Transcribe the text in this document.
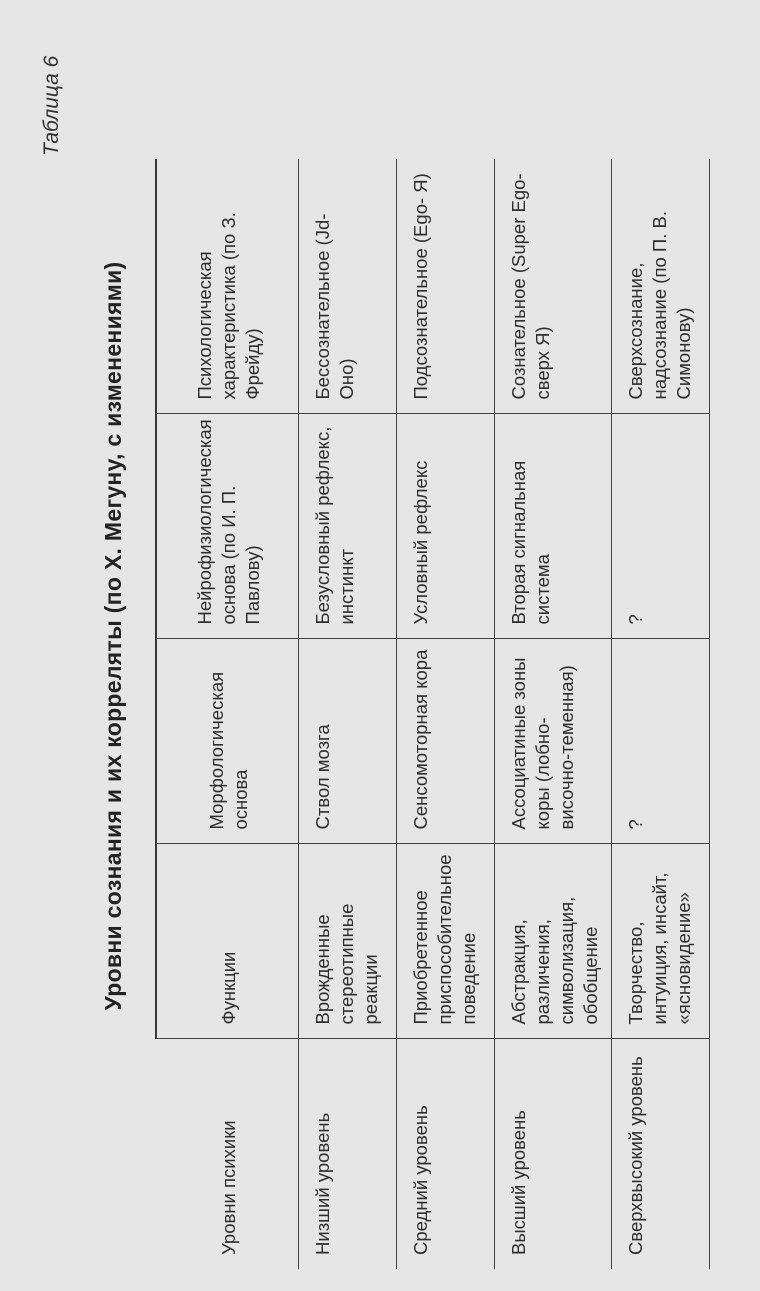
Таблица 6
Уровни сознания и их корреляты (по Х. Мегуну, с изменениями)
Уровни психики	Функции	Морфологическая основа	Нейрофизиологическая основа (по И. П. Павлову)	Психологическая характеристика (по З. Фрейду)
Низший уровень	Врожденные стереотипные реакции	Ствол мозга	Безусловный рефлекс, инстинкт	Бессознательное (Jd- Оно)
Средний уровень	Приобретенное приспособительное поведение	Сенсомоторная кора	Условный рефлекс	Подсознательное (Ego- Я)
Высший уровень	Абстракция, различения, символизация, обобщение	Ассоциатиные зоны коры (лобно-височно-теменная)	Вторая сигнальная система	Сознательное (Super Ego- сверх Я)
Сверхвысокий уровень	Творчество, интуиция, инсайт, «ясновидение»	?	?	Сверхсознание, надсознание (по П. В. Симонову)
